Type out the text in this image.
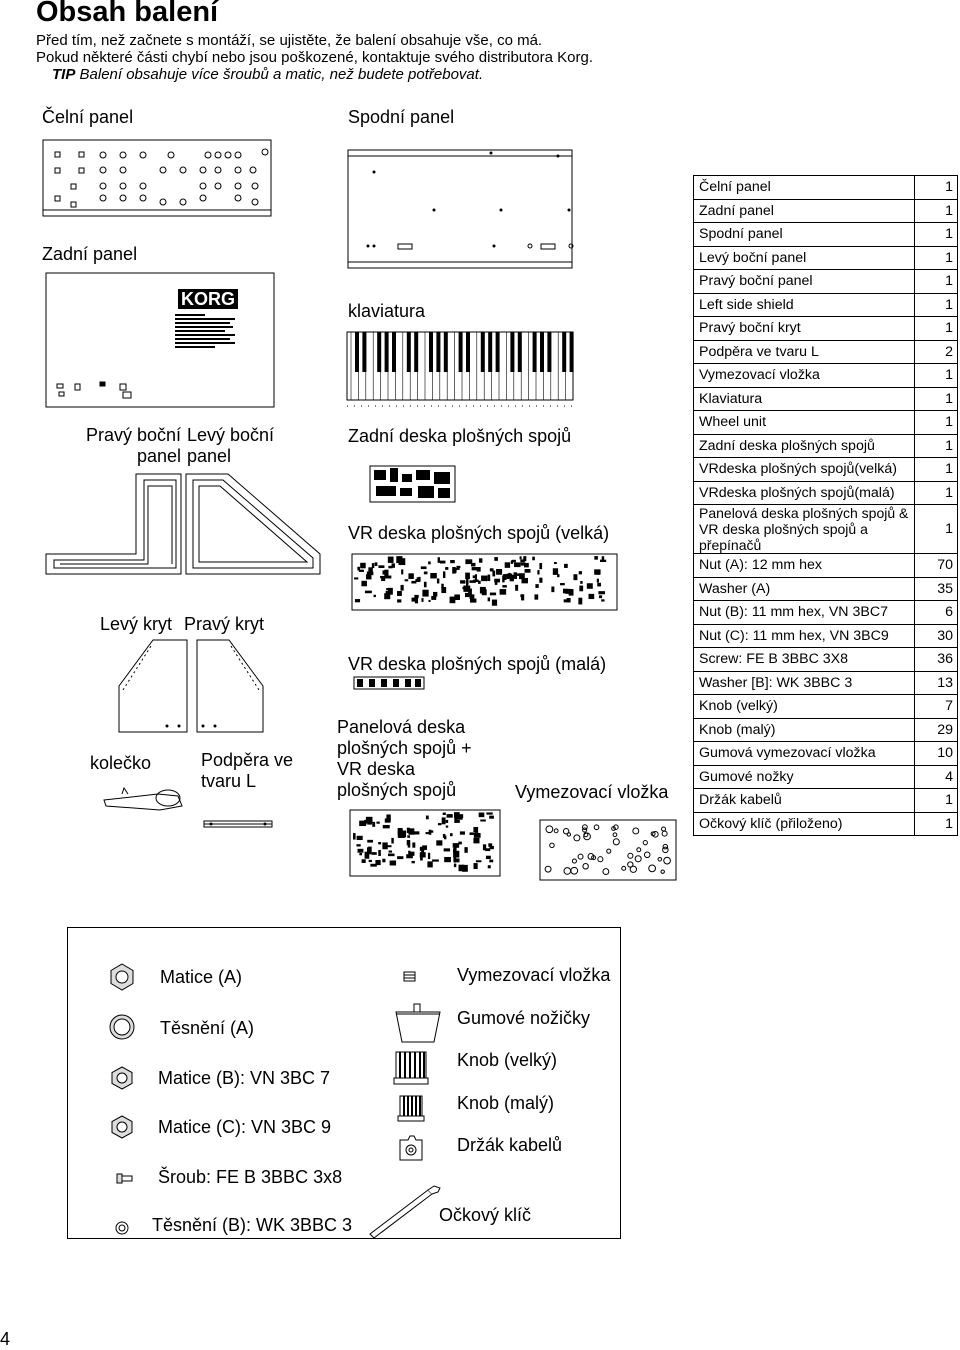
Obsah balení
Před tím, než začnete s montáží, se ujistěte, že balení obsahuje vše, co má.
Pokud některé části chybí nebo jsou poškozené, kontaktuje svého distributora Korg.
TIP Balení obsahuje více šroubů a matic, než budete potřebovat.
Čelní panel	Spodní panel
Zadní panel
klaviatura
Pravý boční panel
Levý boční panel
Zadní deska plošných spojů
VR deska plošných spojů (velká)
Levý kryt Pravý kryt
VR deska plošných spojů (malá)
kolečko	Podpěra ve tvaru L
Panelová deska plošných spojů + VR deska plošných spojů	Vymezovací vložka
KORG
Čelní panel	1
Zadní panel	1
Spodní panel	1
Levý boční panel	1
Pravý boční panel	1
Left side shield	1
Pravý boční kryt	1
Podpěra ve tvaru L	2
Vymezovací vložka	1
Klaviatura	1
Wheel unit	1
Zadní deska plošných spojů	1
VRdeska plošných spojů(velká)	1
VRdeska plošných spojů(malá)	1
Panelová deska plošných spojů & VR deska plošných spojů a přepínačů	1
Nut (A): 12 mm hex	70
Washer (A)	35
Nut (B): 11 mm hex, VN 3BC7	6
Nut (C): 11 mm hex, VN 3BC9	30
Screw: FE B 3BBC 3X8	36
Washer [B]: WK 3BBC 3	13
Knob (velký)	7
Knob (malý)	29
Gumová vymezovací vložka	10
Gumové nožky	4
Držák kabelů	1
Očkový klíč (přiloženo)	1
Matice (A)
Těsnění (A)
Matice (B): VN 3BC 7
Matice (C): VN 3BC 9
Šroub: FE B 3BBC 3x8
Těsnění (B): WK 3BBC 3
Vymezovací vložka
Gumové nožičky
Knob (velký)
Knob (malý)
Držák kabelů
Očkový klíč
4
